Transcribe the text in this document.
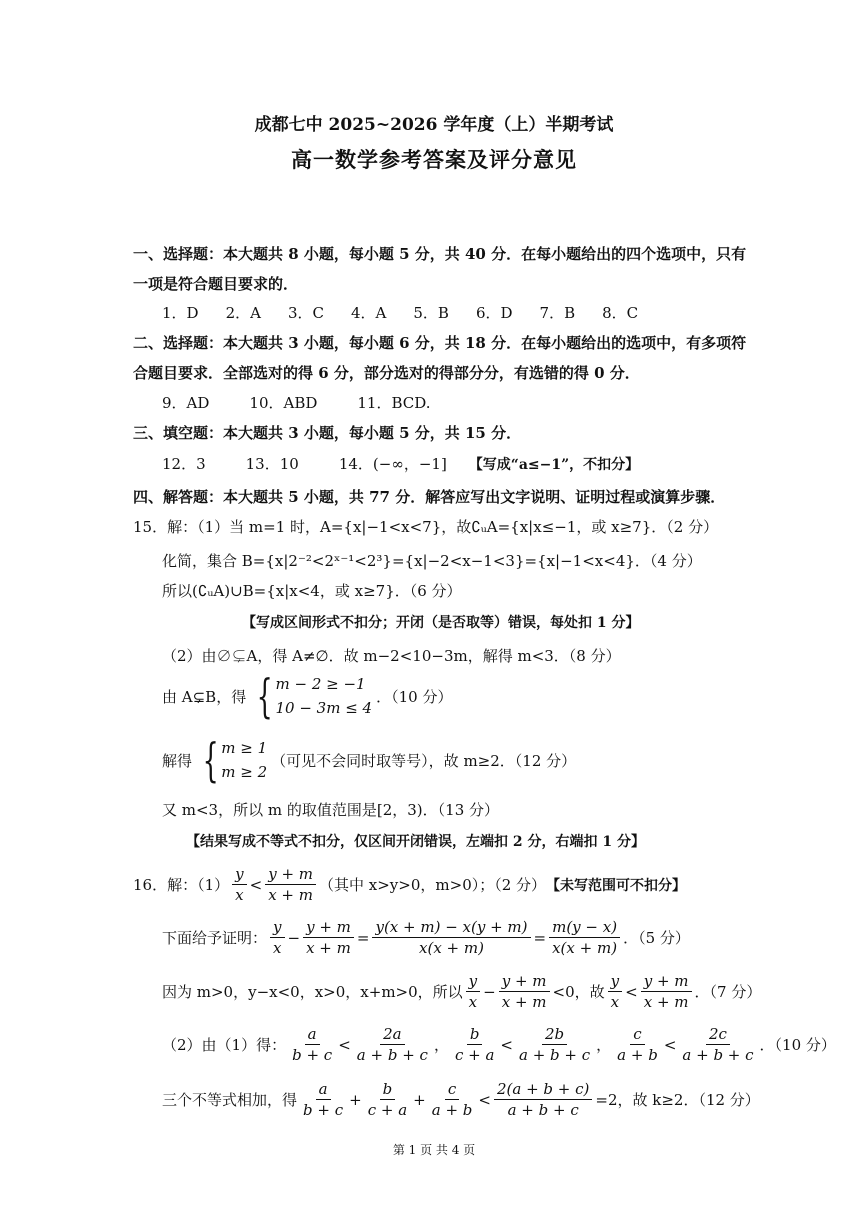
成都七中 2025~2026 学年度（上）半期考试
高一数学参考答案及评分意见
一、选择题：本大题共 8 小题，每小题 5 分，共 40 分．在每小题给出的四个选项中，只有
一项是符合题目要求的．
1．D 2．A 3．C 4．A 5．B 6．D 7．B 8．C
二、选择题：本大题共 3 小题，每小题 6 分，共 18 分．在每小题给出的选项中，有多项符
合题目要求．全部选对的得 6 分，部分选对的得部分分，有选错的得 0 分．
9．AD	10．ABD	11．BCD.
三、填空题：本大题共 3 小题，每小题 5 分，共 15 分．
12．3	13．10	14．(−∞，−1] 【写成“a≤−1”，不扣分】
四、解答题：本大题共 5 小题，共 77 分．解答应写出文字说明、证明过程或演算步骤．
15．解：（1）当 m=1 时，A={x|−1<x<7}，故∁ᵤA={x|x≤−1，或 x≥7}．（2 分）
化简，集合 B={x|2⁻²<2ˣ⁻¹<2³}={x|−2<x−1<3}={x|−1<x<4}．（4 分）
所以(∁ᵤA)∪B={x|x<4，或 x≥7}．（6 分）
【写成区间形式不扣分；开闭（是否取等）错误，每处扣 1 分】
（2）由∅⊊A，得 A≠∅．故 m−2<10−3m，解得 m<3．（8 分）
由 A⊊B，得 { m − 2 ≥ −1
10 − 3m ≤ 4
．（10 分）
解得 { m ≥ 1
m ≥ 2
（可见不会同时取等号），故 m≥2．（12 分）
又 m<3，所以 m 的取值范围是[2，3)．（13 分）
【结果写成不等式不扣分，仅区间开闭错误，左端扣 2 分，右端扣 1 分】
16．解：$(1) \frac{y}{x} < \frac{y + m}{x + m}$ （其中 x>y>0，m>0）；（2 分） 【未写范围可不扣分】
下面给予证明： $\frac{y}{x} - \frac{y + m}{x + m} = \frac{y(x + m) - x(y + m)}{x(x + m)} = \frac{m(y - x)}{x(x + m)}$ ．（5 分）
因为 m>0，y−x<0，x>0，x+m>0，所以 $\frac{y}{x} - \frac{y + m}{x + m} <0$，故 $\frac{y}{x} < \frac{y + m}{x + m}$ ．（7 分）
（2）由（1）得： $\frac{a}{b + c} < \frac{2a}{a + b + c}$ ， $\frac{b}{c + a} < \frac{2b}{a + b + c}$ ， $\frac{c}{a + b} < \frac{2c}{a + b + c}$ ．（10 分）
三个不等式相加，得 $\frac{a}{b + c} + \frac{b}{c + a} + \frac{c}{a + b} < \frac{2(a + b + c)}{a + b + c} =2$，故 k≥2．（12 分）
第 1 页 共 4 页
